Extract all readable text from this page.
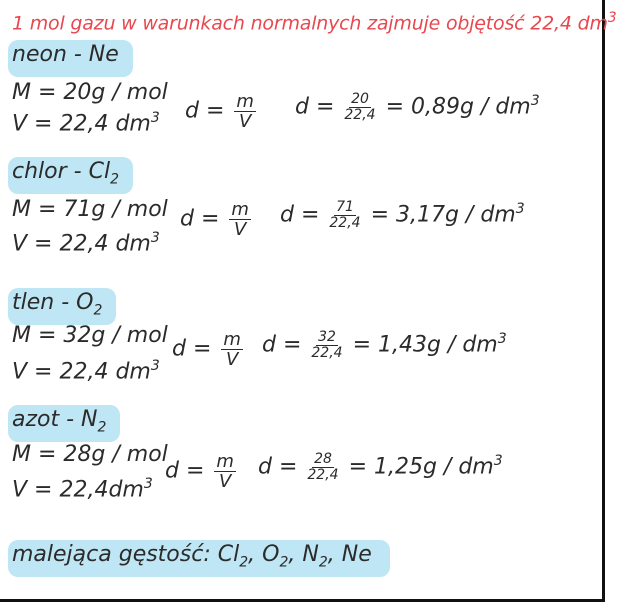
1 mol gazu w warunkach normalnych zajmuje objętość 22,4 $dm^3$
neon - Ne
M = 20g / mol
V = 22,4 $dm^3$ $d = \frac{m}{V}$ $d = \frac{20}{22,4} = 0,89g / dm^3$
chlor - $Cl_2$
M = 71g / mol
V = 22,4 $dm^3$
$d = \frac{m}{V}$ $d = \frac{71}{22,4} = 3,17g / dm^3$
tlen - $O_2$
M = 32g / mol
V = 22,4 $dm^3$
$d = \frac{m}{V}$ $d = \frac{32}{22,4} = 1,43g / dm^3$
azot - $N_2$
M = 28g / mol
$V = 22,4dm^3$
$d = \frac{m}{V}$ $d = \frac{28}{22,4} = 1,25g / dm^3$
malejąca gęstość: $Cl_2$, $O_2$, $N_2$, Ne
